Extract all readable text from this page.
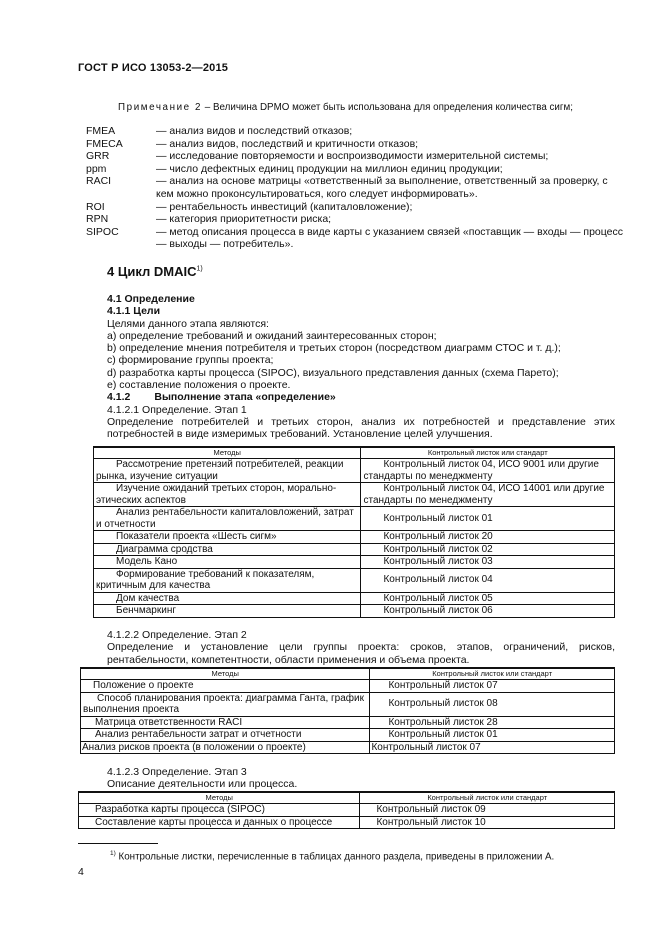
ГОСТ Р ИСО 13053-2—2015
Примечание 2 – Величина DPMO может быть использована для определения количества сигм;
FMEA	— анализ видов и последствий отказов;
FMECA	— анализ видов, последствий и критичности отказов;
GRR	— исследование повторяемости и воспроизводимости измерительной системы;
ppm	— число дефектных единиц продукции на миллион единиц продукции;
RACI	— анализ на основе матрицы «ответственный за выполнение, ответственный за проверку, с кем можно проконсультироваться, кого следует информировать».
ROI	— рентабельность инвестиций (капиталовложение);
RPN	— категория приоритетности риска;
SIPOC	— метод описания процесса в виде карты с указанием связей «поставщик — входы — процесс — выходы — потребитель».
4 Цикл DMAIC$^{1)}$
4.1 Определение
4.1.1 Цели
Целями данного этапа являются:
a) определение требований и ожиданий заинтересованных сторон;
b) определение мнения потребителя и третьих сторон (посредством диаграмм СТОС и т. д.);
c) формирование группы проекта;
d) разработка карты процесса (SIPOC), визуального представления данных (схема Парето);
e) составление положения о проекте.
4.1.2 Выполнение этапа «определение»
4.1.2.1 Определение. Этап 1
Определение потребителей и третьих сторон, анализ их потребностей и представление этих потребностей в виде измеримых требований. Установление целей улучшения.
Методы	Контрольный листок или стандарт
Рассмотрение претензий потребителей, реакции рынка, изучение ситуации	Контрольный листок 04, ИСО 9001 или другие стандарты по менеджменту
Изучение ожиданий третьих сторон, морально-этических аспектов	Контрольный листок 04, ИСО 14001 или другие стандарты по менеджменту
Анализ рентабельности капиталовложений, затрат и отчетности	Контрольный листок 01
Показатели проекта «Шесть сигм»	Контрольный листок 20
Диаграмма сродства	Контрольный листок 02
Модель Кано	Контрольный листок 03
Формирование требований к показателям, критичным для качества	Контрольный листок 04
Дом качества	Контрольный листок 05
Бенчмаркинг	Контрольный листок 06
4.1.2.2 Определение. Этап 2
Определение и установление цели группы проекта: сроков, этапов, ограничений, рисков, рентабельности, компетентности, области применения и объема проекта.
Методы	Контрольный листок или стандарт
Положение о проекте	Контрольный листок 07
Способ планирования проекта: диаграмма Ганта, график выполнения проекта	Контрольный листок 08
Матрица ответственности RACI	Контрольный листок 28
Анализ рентабельности затрат и отчетности	Контрольный листок 01
Анализ рисков проекта (в положении о проекте)	Контрольный листок 07
4.1.2.3 Определение. Этап 3
Описание деятельности или процесса.
Методы	Контрольный листок или стандарт
Разработка карты процесса (SIPOC)	Контрольный листок 09
Составление карты процесса и данных о процессе	Контрольный листок 10
$^{1)}$ Контрольные листки, перечисленные в таблицах данного раздела, приведены в приложении А.
4
